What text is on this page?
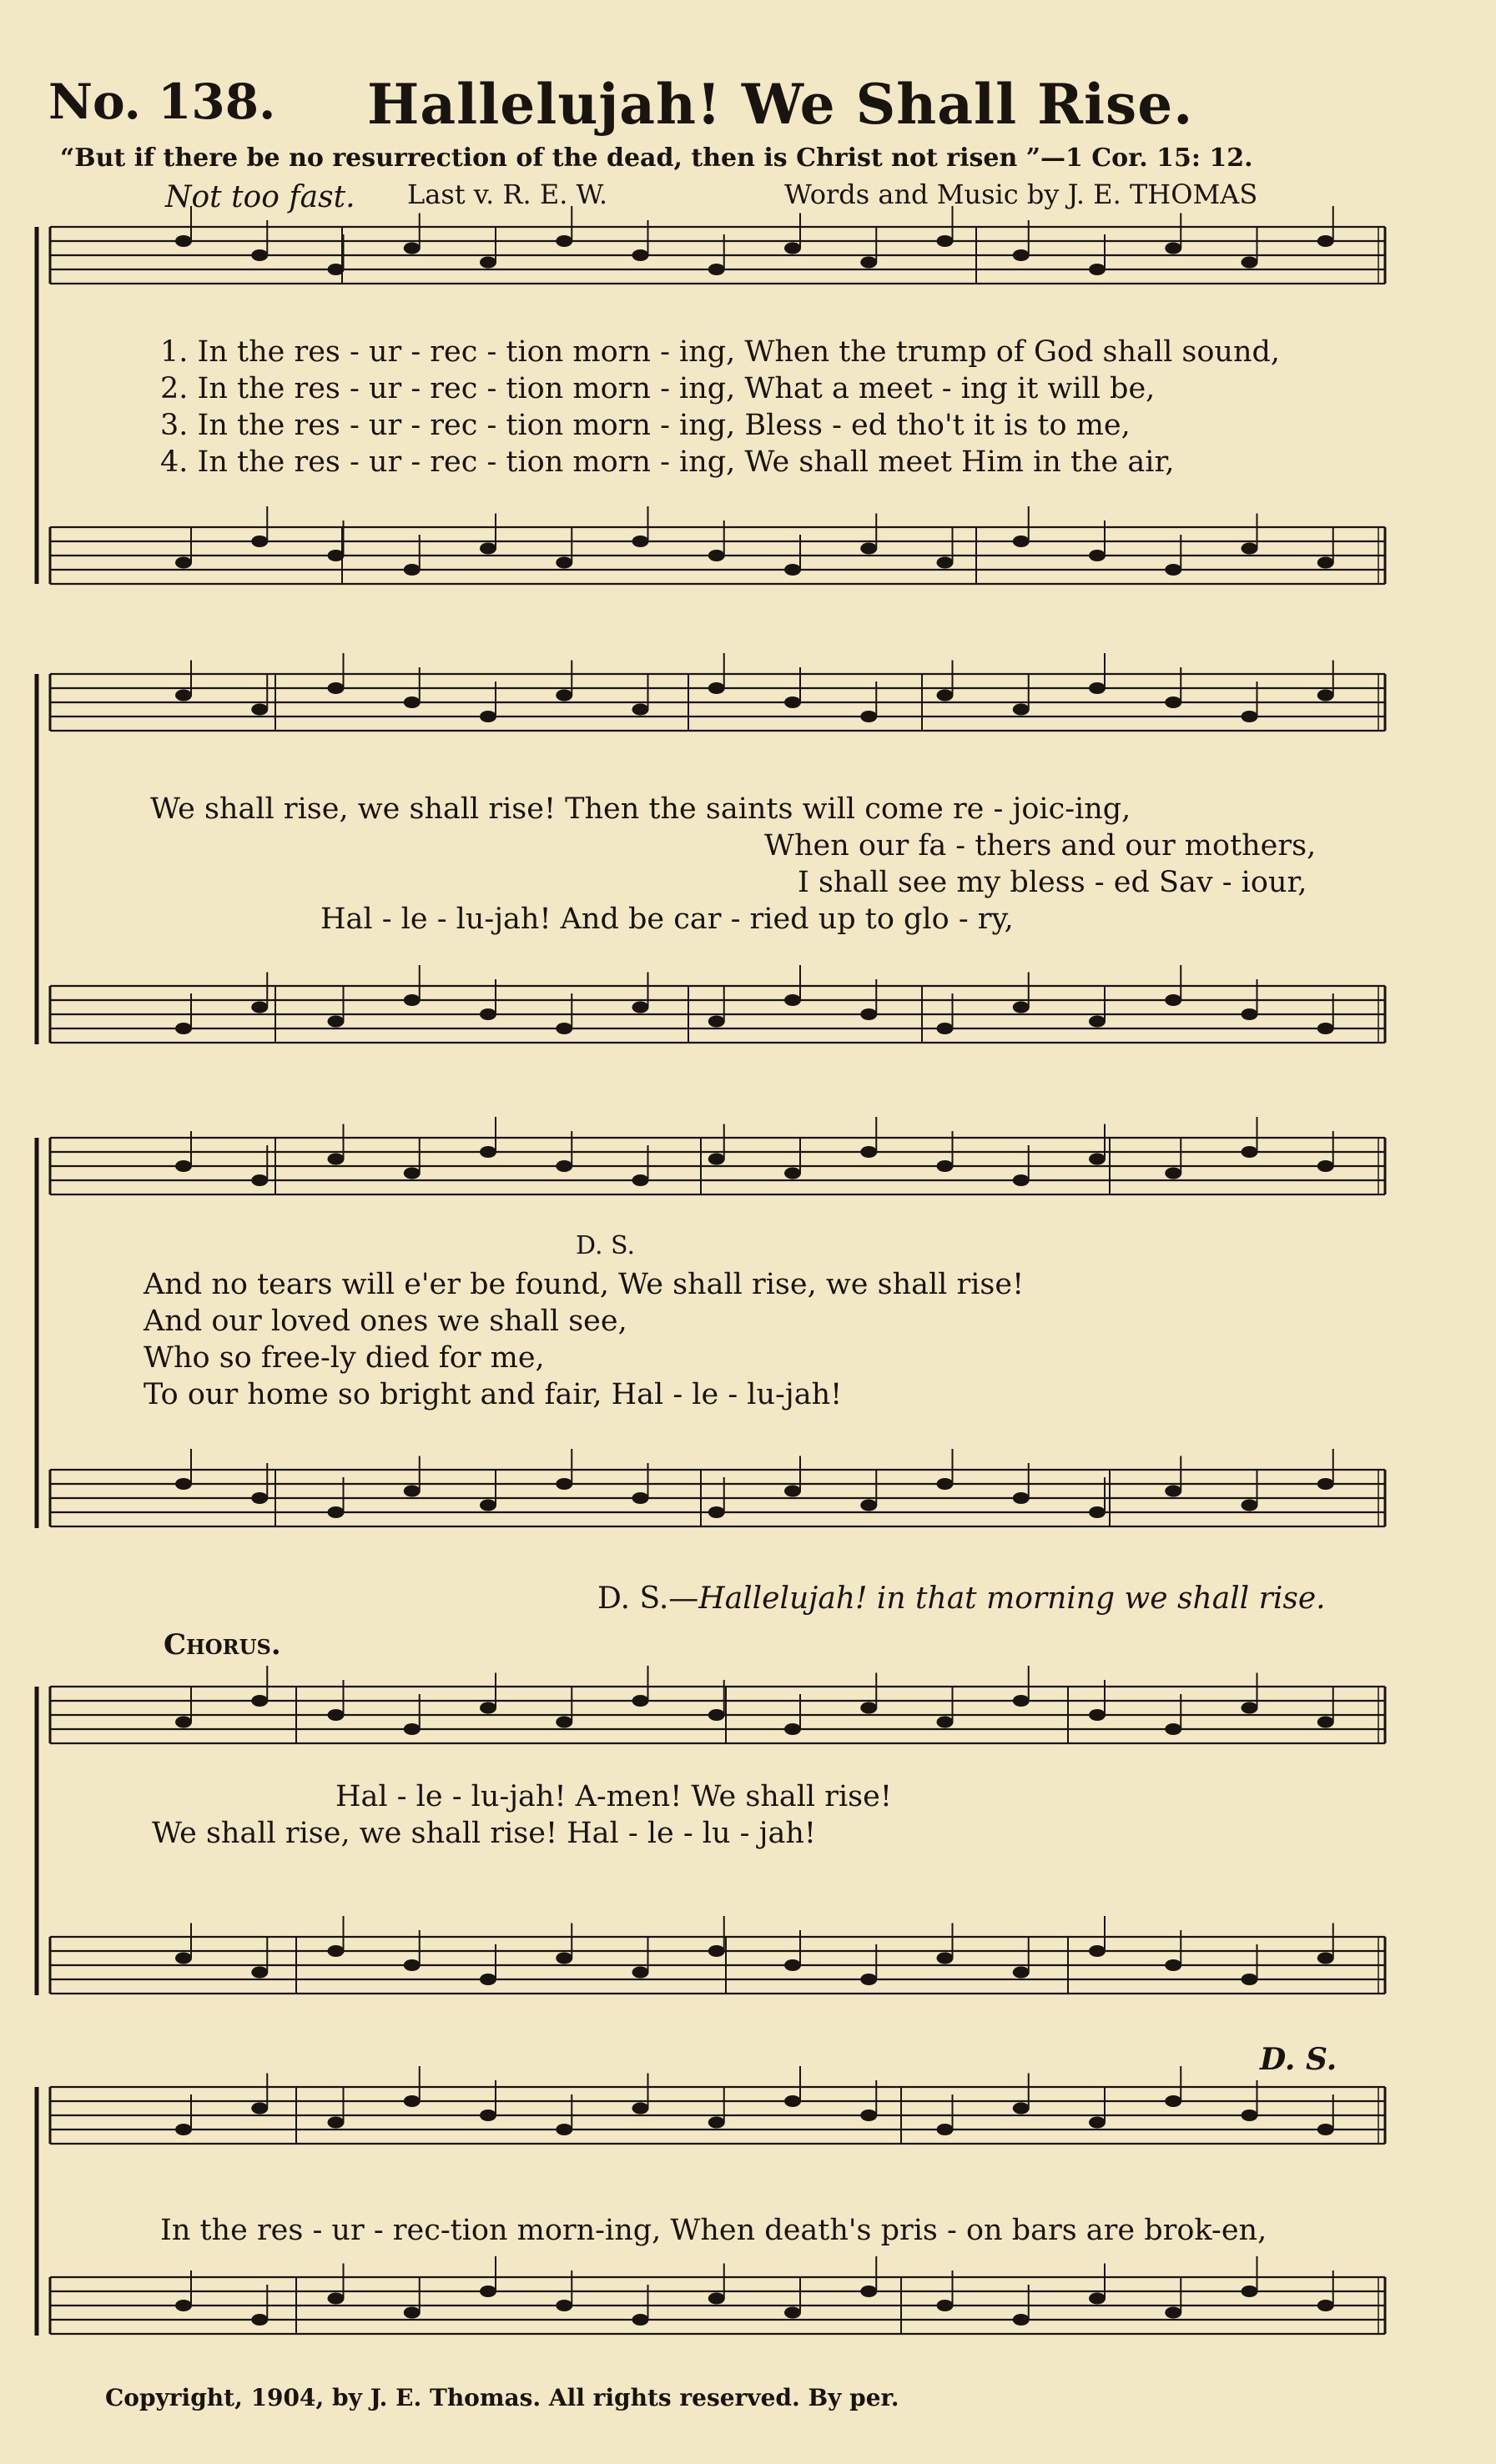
No. 138. Hallelujah! We Shall Rise.
“But if there be no resurrection of the dead, then is Christ not risen ”—1 Cor. 15: 12.
Not too fast. Last v. R. E. W.	Words and Music by J. E. THOMAS
1. In the res - ur - rec - tion morn - ing, When the trump of God shall sound,
2. In the res - ur - rec - tion morn - ing, What a meet - ing it will be,
3. In the res - ur - rec - tion morn - ing, Bless - ed tho't it is to me,
4. In the res - ur - rec - tion morn - ing, We shall meet Him in the air,
We shall rise, we shall rise! Then the saints will come re - joic-ing,
When our fa - thers and our mothers,
I shall see my bless - ed Sav - iour,
Hal - le - lu-jah! And be car - ried up to glo - ry,
D. S.
And no tears will e'er be found, We shall rise, we shall rise!
And our loved ones we shall see,
Who so free-ly died for me,
To our home so bright and fair, Hal - le - lu-jah!
D. S.—Hallelujah! in that morning we shall rise.
Chorus.
Hal - le - lu-jah! A-men! We shall rise!
We shall rise, we shall rise! Hal - le - lu - jah!
D. S.
In the res - ur - rec-tion morn-ing, When death's pris - on bars are brok-en,
Copyright, 1904, by J. E. Thomas. All rights reserved. By per.
